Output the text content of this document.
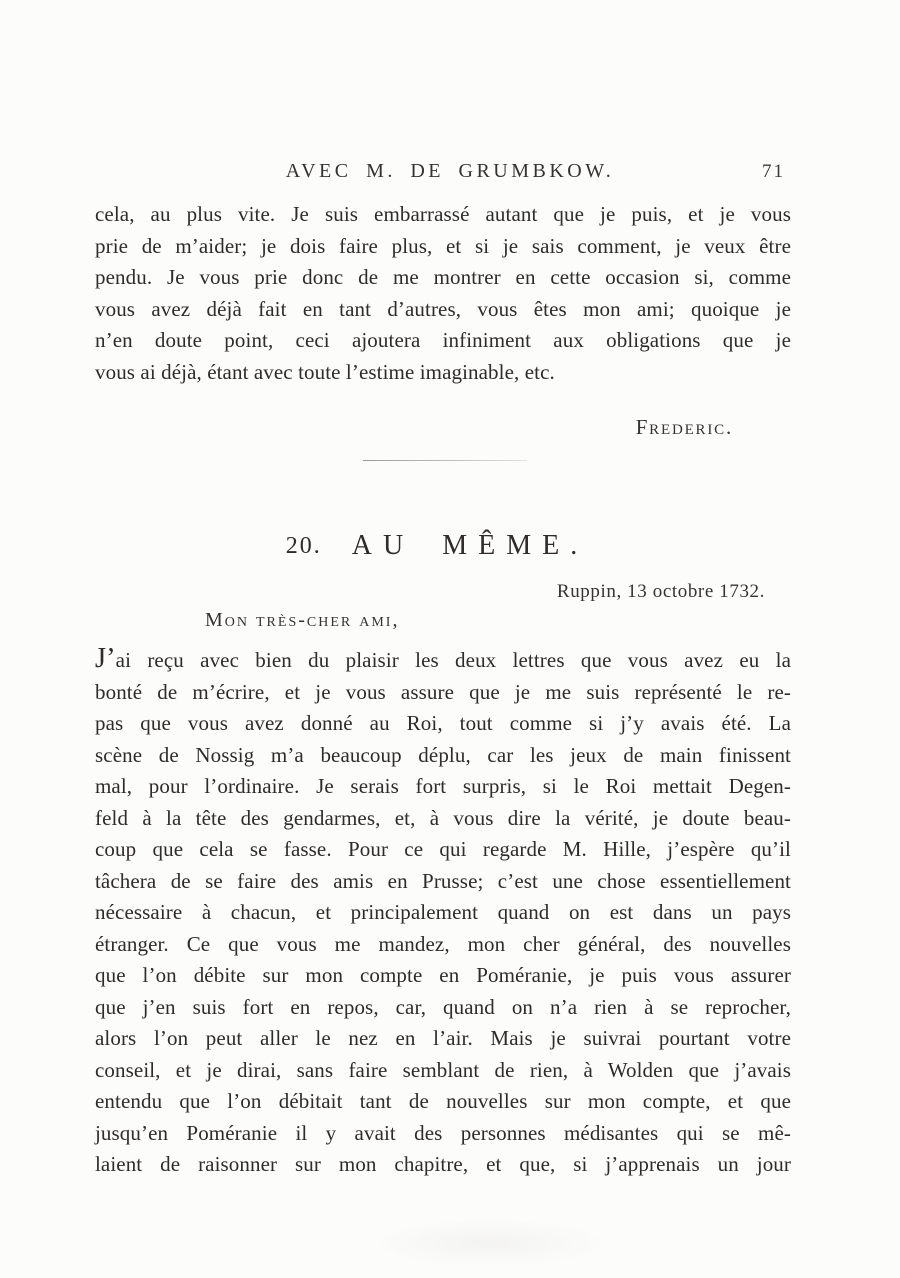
AVEC M. DE GRUMBKOW.	71
cela, au plus vite. Je suis embarrassé autant que je puis, et je vous
prie de m’aider; je dois faire plus, et si je sais comment, je veux être
pendu. Je vous prie donc de me montrer en cette occasion si, comme
vous avez déjà fait en tant d’autres, vous êtes mon ami; quoique je
n’en doute point, ceci ajoutera infiniment aux obligations que je
vous ai déjà, étant avec toute l’estime imaginable, etc.
Frederic.
20. AU MÊME.
Ruppin, 13 octobre 1732.
Mon très-cher ami,
J’ai reçu avec bien du plaisir les deux lettres que vous avez eu la
bonté de m’écrire, et je vous assure que je me suis représenté le re-
pas que vous avez donné au Roi, tout comme si j’y avais été. La
scène de Nossig m’a beaucoup déplu, car les jeux de main finissent
mal, pour l’ordinaire. Je serais fort surpris, si le Roi mettait Degen-
feld à la tête des gendarmes, et, à vous dire la vérité, je doute beau-
coup que cela se fasse. Pour ce qui regarde M. Hille, j’espère qu’il
tâchera de se faire des amis en Prusse; c’est une chose essentiellement
nécessaire à chacun, et principalement quand on est dans un pays
étranger. Ce que vous me mandez, mon cher général, des nouvelles
que l’on débite sur mon compte en Poméranie, je puis vous assurer
que j’en suis fort en repos, car, quand on n’a rien à se reprocher,
alors l’on peut aller le nez en l’air. Mais je suivrai pourtant votre
conseil, et je dirai, sans faire semblant de rien, à Wolden que j’avais
entendu que l’on débitait tant de nouvelles sur mon compte, et que
jusqu’en Poméranie il y avait des personnes médisantes qui se mê-
laient de raisonner sur mon chapitre, et que, si j’apprenais un jour
